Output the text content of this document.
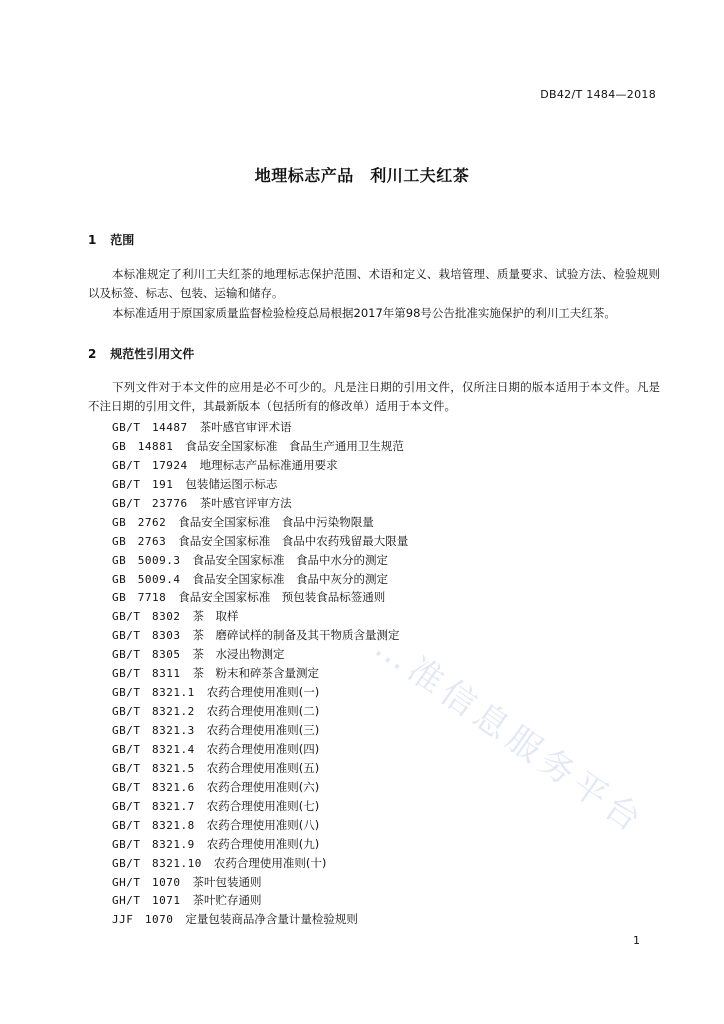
DB42/T 1484—2018
地理标志产品　利川工夫红茶
1 范围
本标准规定了利川工夫红茶的地理标志保护范围、术语和定义、栽培管理、质量要求、试验方法、检验规则以及标签、标志、包装、运输和储存。
本标准适用于原国家质量监督检验检疫总局根据2017年第98号公告批准实施保护的利川工夫红茶。
2 规范性引用文件
下列文件对于本文件的应用是必不可少的。凡是注日期的引用文件，仅所注日期的版本适用于本文件。凡是不注日期的引用文件，其最新版本（包括所有的修改单）适用于本文件。
GB/T　14487 茶叶感官审评术语
GB　14881 食品安全国家标准　食品生产通用卫生规范
GB/T　17924 地理标志产品标准通用要求
GB/T　191 包装储运图示标志
GB/T　23776 茶叶感官评审方法
GB　2762 食品安全国家标准　食品中污染物限量
GB　2763 食品安全国家标准　食品中农药残留最大限量
GB　5009.3 食品安全国家标准　食品中水分的测定
GB　5009.4 食品安全国家标准　食品中灰分的测定
GB　7718 食品安全国家标准　预包装食品标签通则
GB/T　8302 茶　取样
GB/T　8303 茶　磨碎试样的制备及其干物质含量测定
GB/T　8305 茶　水浸出物测定
GB/T　8311 茶　粉末和碎茶含量测定
GB/T　8321.1 农药合理使用准则(一)
GB/T　8321.2 农药合理使用准则(二)
GB/T　8321.3 农药合理使用准则(三)
GB/T　8321.4 农药合理使用准则(四)
GB/T　8321.5 农药合理使用准则(五)
GB/T　8321.6 农药合理使用准则(六)
GB/T　8321.7 农药合理使用准则(七)
GB/T　8321.8 农药合理使用准则(八)
GB/T　8321.9 农药合理使用准则(九)
GB/T　8321.10 农药合理使用准则(十)
GH/T　1070 茶叶包装通则
GH/T　1071 茶叶贮存通则
JJF　1070 定量包装商品净含量计量检验规则
…准信息服务平台
1
